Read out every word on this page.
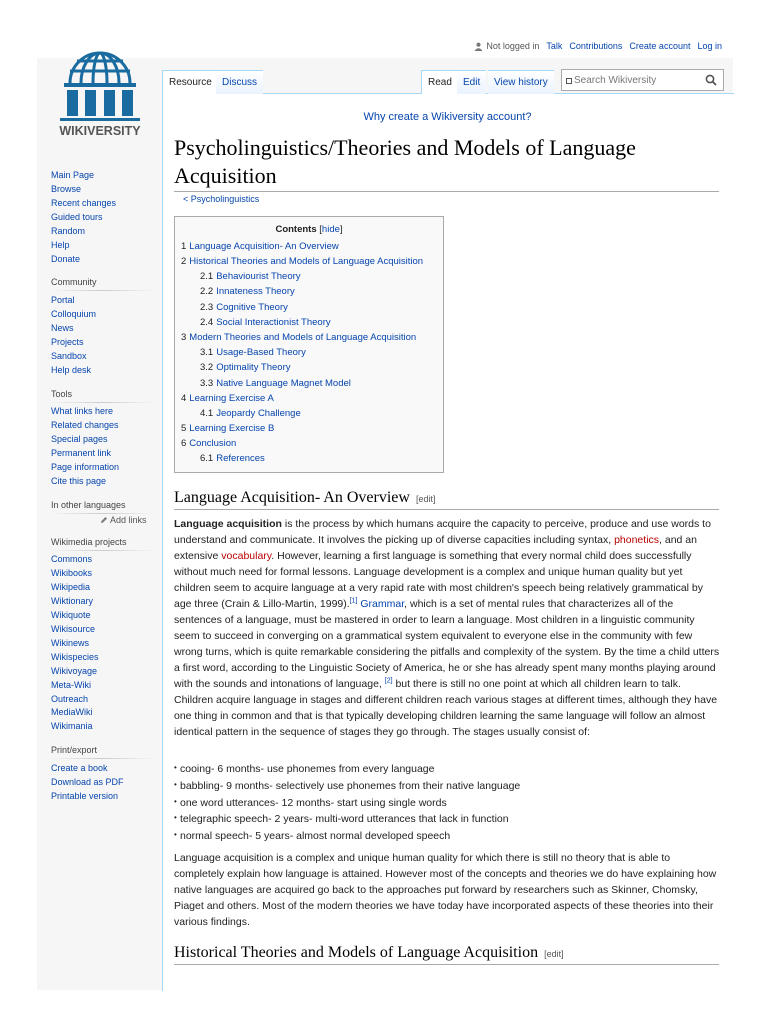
Not logged in Talk Contributions Create account Log in
WIKIVERSITY
Resource	Discuss	Read	Edit	View history	Search Wikiversity
Why create a Wikiversity account?
Psycholinguistics/Theories and Models of Language Acquisition
< Psycholinguistics
Contents [hide]
1 Language Acquisition- An Overview
2 Historical Theories and Models of Language Acquisition
2.1 Behaviourist Theory
2.2 Innateness Theory
2.3 Cognitive Theory
2.4 Social Interactionist Theory
3 Modern Theories and Models of Language Acquisition
3.1 Usage-Based Theory
3.2 Optimality Theory
3.3 Native Language Magnet Model
4 Learning Exercise A
4.1 Jeopardy Challenge
5 Learning Exercise B
6 Conclusion
6.1 References
Main Page
Browse
Recent changes
Guided tours
Random
Help
Donate
Community
Portal
Colloquium
News
Projects
Sandbox
Help desk
Tools
What links here
Related changes
Special pages
Permanent link
Page information
Cite this page
In other languages
Add links
Wikimedia projects
Commons
Wikibooks
Wikipedia
Wiktionary
Wikiquote
Wikisource
Wikinews
Wikispecies
Wikivoyage
Meta-Wiki
Outreach
MediaWiki
Wikimania
Print/export
Create a book
Download as PDF
Printable version
Language Acquisition- An Overview [edit]

Language acquisition is the process by which humans acquire the capacity to perceive, produce and use words to understand and communicate. It involves the picking up of diverse capacities including syntax, phonetics, and an extensive vocabulary. However, learning a first language is something that every normal child does successfully without much need for formal lessons. Language development is a complex and unique human quality but yet children seem to acquire language at a very rapid rate with most children's speech being relatively grammatical by age three (Crain & Lillo-Martin, 1999).[1] Grammar, which is a set of mental rules that characterizes all of the sentences of a language, must be mastered in order to learn a language. Most children in a linguistic community seem to succeed in converging on a grammatical system equivalent to everyone else in the community with few wrong turns, which is quite remarkable considering the pitfalls and complexity of the system. By the time a child utters a first word, according to the Linguistic Society of America, he or she has already spent many months playing around with the sounds and intonations of language, [2] but there is still no one point at which all children learn to talk. Children acquire language in stages and different children reach various stages at different times, although they have one thing in common and that is that typically developing children learning the same language will follow an almost identical pattern in the sequence of stages they go through. The stages usually consist of:

• cooing- 6 months- use phonemes from every language
• babbling- 9 months- selectively use phonemes from their native language
• one word utterances- 12 months- start using single words
• telegraphic speech- 2 years- multi-word utterances that lack in function
• normal speech- 5 years- almost normal developed speech

Language acquisition is a complex and unique human quality for which there is still no theory that is able to completely explain how language is attained. However most of the concepts and theories we do have explaining how native languages are acquired go back to the approaches put forward by researchers such as Skinner, Chomsky, Piaget and others. Most of the modern theories we have today have incorporated aspects of these theories into their various findings.

Historical Theories and Models of Language Acquisition [edit]
